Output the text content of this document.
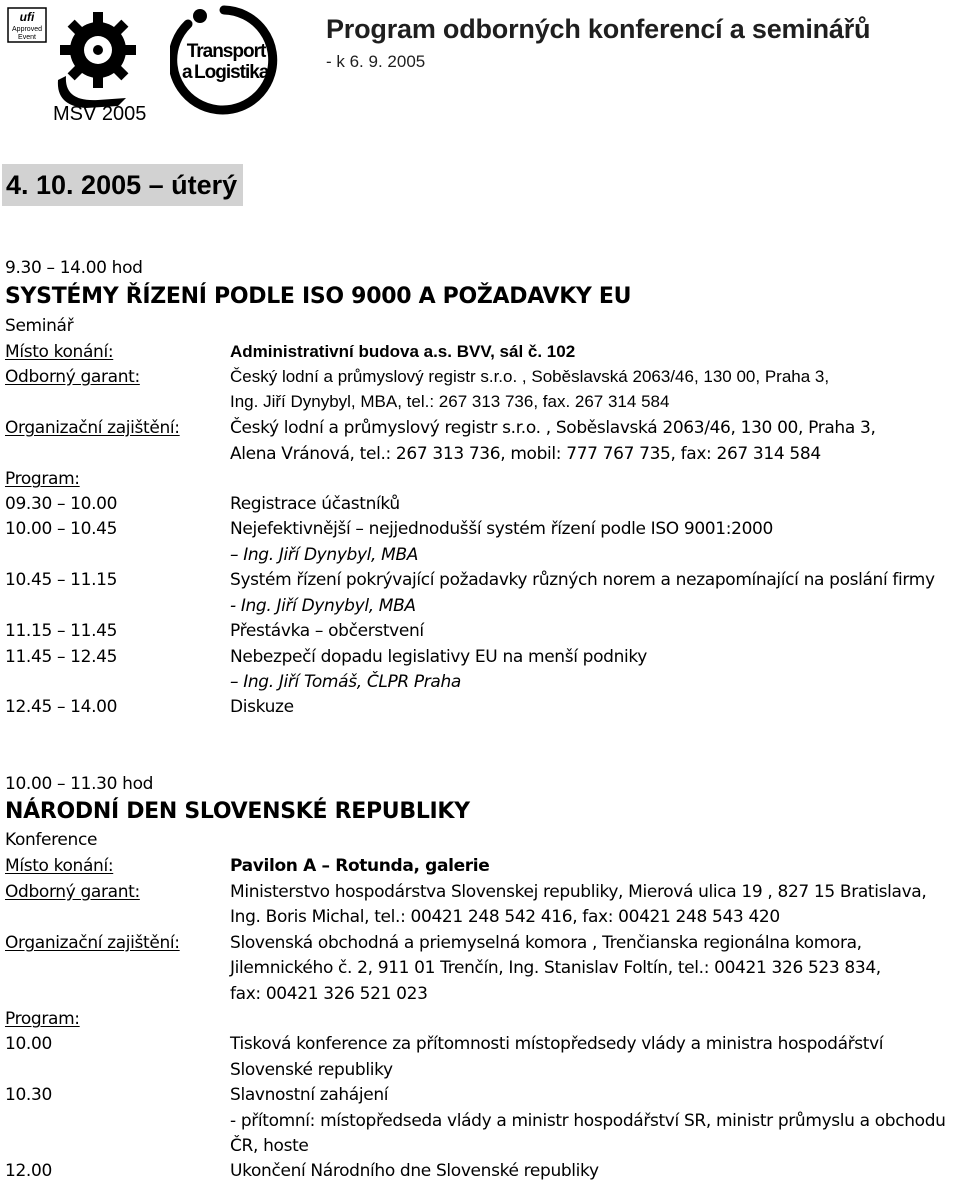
ufi
Approved
Event
MSV 2005
Transport
a Logistika
Program odborných konferencí a seminářů
- k 6. 9. 2005
4. 10. 2005 – úterý
9.30 – 14.00 hod
SYSTÉMY ŘÍZENÍ PODLE ISO 9000 A POŽADAVKY EU
Seminář
Místo konání:	Administrativní budova a.s. BVV, sál č. 102
Odborný garant:	Český lodní a průmyslový registr s.r.o. , Soběslavská 2063/46, 130 00, Praha 3,
Ing. Jiří Dynybyl, MBA, tel.: 267 313 736, fax. 267 314 584
Organizační zajištění:	Český lodní a průmyslový registr s.r.o. , Soběslavská 2063/46, 130 00, Praha 3,
Alena Vránová, tel.: 267 313 736, mobil: 777 767 735, fax: 267 314 584
Program:
09.30 – 10.00	Registrace účastníků
10.00 – 10.45	Nejefektivnější – nejjednodušší systém řízení podle ISO 9001:2000
– Ing. Jiří Dynybyl, MBA
10.45 – 11.15	Systém řízení pokrývající požadavky různých norem a nezapomínající na poslání firmy
- Ing. Jiří Dynybyl, MBA
11.15 – 11.45	Přestávka – občerstvení
11.45 – 12.45	Nebezpečí dopadu legislativy EU na menší podniky
– Ing. Jiří Tomáš, ČLPR Praha
12.45 – 14.00	Diskuze
10.00 – 11.30 hod
NÁRODNÍ DEN SLOVENSKÉ REPUBLIKY
Konference
Místo konání:	Pavilon A – Rotunda, galerie
Odborný garant:	Ministerstvo hospodárstva Slovenskej republiky, Mierová ulica 19 , 827 15 Bratislava,
Ing. Boris Michal, tel.: 00421 248 542 416, fax: 00421 248 543 420
Organizační zajištění:	Slovenská obchodná a priemyselná komora , Trenčianska regionálna komora,
Jilemnického č. 2, 911 01 Trenčín, Ing. Stanislav Foltín, tel.: 00421 326 523 834,
fax: 00421 326 521 023
Program:
10.00	Tisková konference za přítomnosti místopředsedy vlády a ministra hospodářství
Slovenské republiky
10.30	Slavnostní zahájení
- přítomní: místopředseda vlády a ministr hospodářství SR, ministr průmyslu a obchodu
ČR, hoste
12.00	Ukončení Národního dne Slovenské republiky
